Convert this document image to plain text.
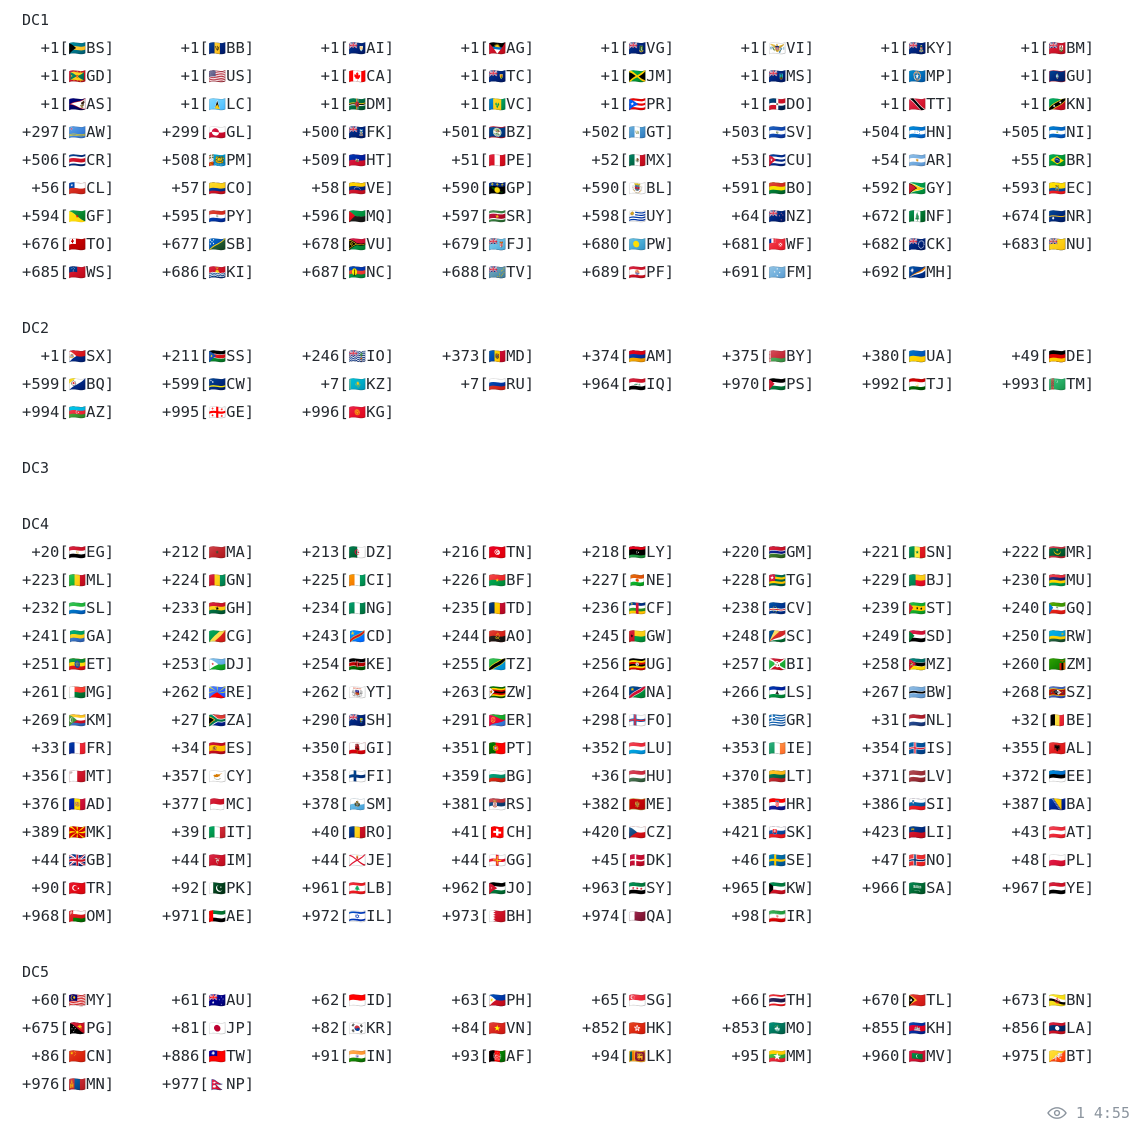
DC1
+1[🇧🇸BS]	+1[🇧🇧BB]	+1[🇦🇮AI]	+1[🇦🇬AG]	+1[🇻🇬VG]	+1[🇻🇮VI]	+1[🇰🇾KY]	+1[🇧🇲BM]
+1[🇬🇩GD]	+1[🇺🇸US]	+1[🇨🇦CA]	+1[🇹🇨TC]	+1[🇯🇲JM]	+1[🇲🇸MS]	+1[🇲🇵MP]	+1[🇬🇺GU]
+1[🇦🇸AS]	+1[🇱🇨LC]	+1[🇩🇲DM]	+1[🇻🇨VC]	+1[🇵🇷PR]	+1[🇩🇴DO]	+1[🇹🇹TT]	+1[🇰🇳KN]
+297[🇦🇼AW]	+299[🇬🇱GL]	+500[🇫🇰FK]	+501[🇧🇿BZ]	+502[🇬🇹GT]	+503[🇸🇻SV]	+504[🇭🇳HN]	+505[🇳🇮NI]
+506[🇨🇷CR]	+508[🇵🇲PM]	+509[🇭🇹HT]	+51[🇵🇪PE]	+52[🇲🇽MX]	+53[🇨🇺CU]	+54[🇦🇷AR]	+55[🇧🇷BR]
+56[🇨🇱CL]	+57[🇨🇴CO]	+58[🇻🇪VE]	+590[🇬🇵GP]	+590[🇧🇱BL]	+591[🇧🇴BO]	+592[🇬🇾GY]	+593[🇪🇨EC]
+594[🇬🇫GF]	+595[🇵🇾PY]	+596[🇲🇶MQ]	+597[🇸🇷SR]	+598[🇺🇾UY]	+64[🇳🇿NZ]	+672[🇳🇫NF]	+674[🇳🇷NR]
+676[🇹🇴TO]	+677[🇸🇧SB]	+678[🇻🇺VU]	+679[🇫🇯FJ]	+680[🇵🇼PW]	+681[🇼🇫WF]	+682[🇨🇰CK]	+683[🇳🇺NU]
+685[🇼🇸WS]	+686[🇰🇮KI]	+687[🇳🇨NC]	+688[🇹🇻TV]	+689[🇵🇫PF]	+691[🇫🇲FM]	+692[🇲🇭MH]
DC2
+1[🇸🇽SX]	+211[🇸🇸SS]	+246[🇮🇴IO]	+373[🇲🇩MD]	+374[🇦🇲AM]	+375[🇧🇾BY]	+380[🇺🇦UA]	+49[🇩🇪DE]
+599[🇧🇶BQ]	+599[🇨🇼CW]	+7[🇰🇿KZ]	+7[🇷🇺RU]	+964[🇮🇶IQ]	+970[🇵🇸PS]	+992[🇹🇯TJ]	+993[🇹🇲TM]
+994[🇦🇿AZ]	+995[🇬🇪GE]	+996[🇰🇬KG]
DC3
DC4
+20[🇪🇬EG]	+212[🇲🇦MA]	+213[🇩🇿DZ]	+216[🇹🇳TN]	+218[🇱🇾LY]	+220[🇬🇲GM]	+221[🇸🇳SN]	+222[🇲🇷MR]
+223[🇲🇱ML]	+224[🇬🇳GN]	+225[🇨🇮CI]	+226[🇧🇫BF]	+227[🇳🇪NE]	+228[🇹🇬TG]	+229[🇧🇯BJ]	+230[🇲🇺MU]
+232[🇸🇱SL]	+233[🇬🇭GH]	+234[🇳🇬NG]	+235[🇹🇩TD]	+236[🇨🇫CF]	+238[🇨🇻CV]	+239[🇸🇹ST]	+240[🇬🇶GQ]
+241[🇬🇦GA]	+242[🇨🇬CG]	+243[🇨🇩CD]	+244[🇦🇴AO]	+245[🇬🇼GW]	+248[🇸🇨SC]	+249[🇸🇩SD]	+250[🇷🇼RW]
+251[🇪🇹ET]	+253[🇩🇯DJ]	+254[🇰🇪KE]	+255[🇹🇿TZ]	+256[🇺🇬UG]	+257[🇧🇮BI]	+258[🇲🇿MZ]	+260[🇿🇲ZM]
+261[🇲🇬MG]	+262[🇷🇪RE]	+262[🇾🇹YT]	+263[🇿🇼ZW]	+264[🇳🇦NA]	+266[🇱🇸LS]	+267[🇧🇼BW]	+268[🇸🇿SZ]
+269[🇰🇲KM]	+27[🇿🇦ZA]	+290[🇸🇭SH]	+291[🇪🇷ER]	+298[🇫🇴FO]	+30[🇬🇷GR]	+31[🇳🇱NL]	+32[🇧🇪BE]
+33[🇫🇷FR]	+34[🇪🇸ES]	+350[🇬🇮GI]	+351[🇵🇹PT]	+352[🇱🇺LU]	+353[🇮🇪IE]	+354[🇮🇸IS]	+355[🇦🇱AL]
+356[🇲🇹MT]	+357[🇨🇾CY]	+358[🇫🇮FI]	+359[🇧🇬BG]	+36[🇭🇺HU]	+370[🇱🇹LT]	+371[🇱🇻LV]	+372[🇪🇪EE]
+376[🇦🇩AD]	+377[🇲🇨MC]	+378[🇸🇲SM]	+381[🇷🇸RS]	+382[🇲🇪ME]	+385[🇭🇷HR]	+386[🇸🇮SI]	+387[🇧🇦BA]
+389[🇲🇰MK]	+39[🇮🇹IT]	+40[🇷🇴RO]	+41[🇨🇭CH]	+420[🇨🇿CZ]	+421[🇸🇰SK]	+423[🇱🇮LI]	+43[🇦🇹AT]
+44[🇬🇧GB]	+44[🇮🇲IM]	+44[🇯🇪JE]	+44[🇬🇬GG]	+45[🇩🇰DK]	+46[🇸🇪SE]	+47[🇳🇴NO]	+48[🇵🇱PL]
+90[🇹🇷TR]	+92[🇵🇰PK]	+961[🇱🇧LB]	+962[🇯🇴JO]	+963[🇸🇾SY]	+965[🇰🇼KW]	+966[🇸🇦SA]	+967[🇾🇪YE]
+968[🇴🇲OM]	+971[🇦🇪AE]	+972[🇮🇱IL]	+973[🇧🇭BH]	+974[🇶🇦QA]	+98[🇮🇷IR]
DC5
+60[🇲🇾MY]	+61[🇦🇺AU]	+62[🇮🇩ID]	+63[🇵🇭PH]	+65[🇸🇬SG]	+66[🇹🇭TH]	+670[🇹🇱TL]	+673[🇧🇳BN]
+675[🇵🇬PG]	+81[🇯🇵JP]	+82[🇰🇷KR]	+84[🇻🇳VN]	+852[🇭🇰HK]	+853[🇲🇴MO]	+855[🇰🇭KH]	+856[🇱🇦LA]
+86[🇨🇳CN]	+886[🇹🇼TW]	+91[🇮🇳IN]	+93[🇦🇫AF]	+94[🇱🇰LK]	+95[🇲🇲MM]	+960[🇲🇻MV]	+975[🇧🇹BT]
+976[🇲🇳MN]	+977[🇳🇵NP]
1 4:55
